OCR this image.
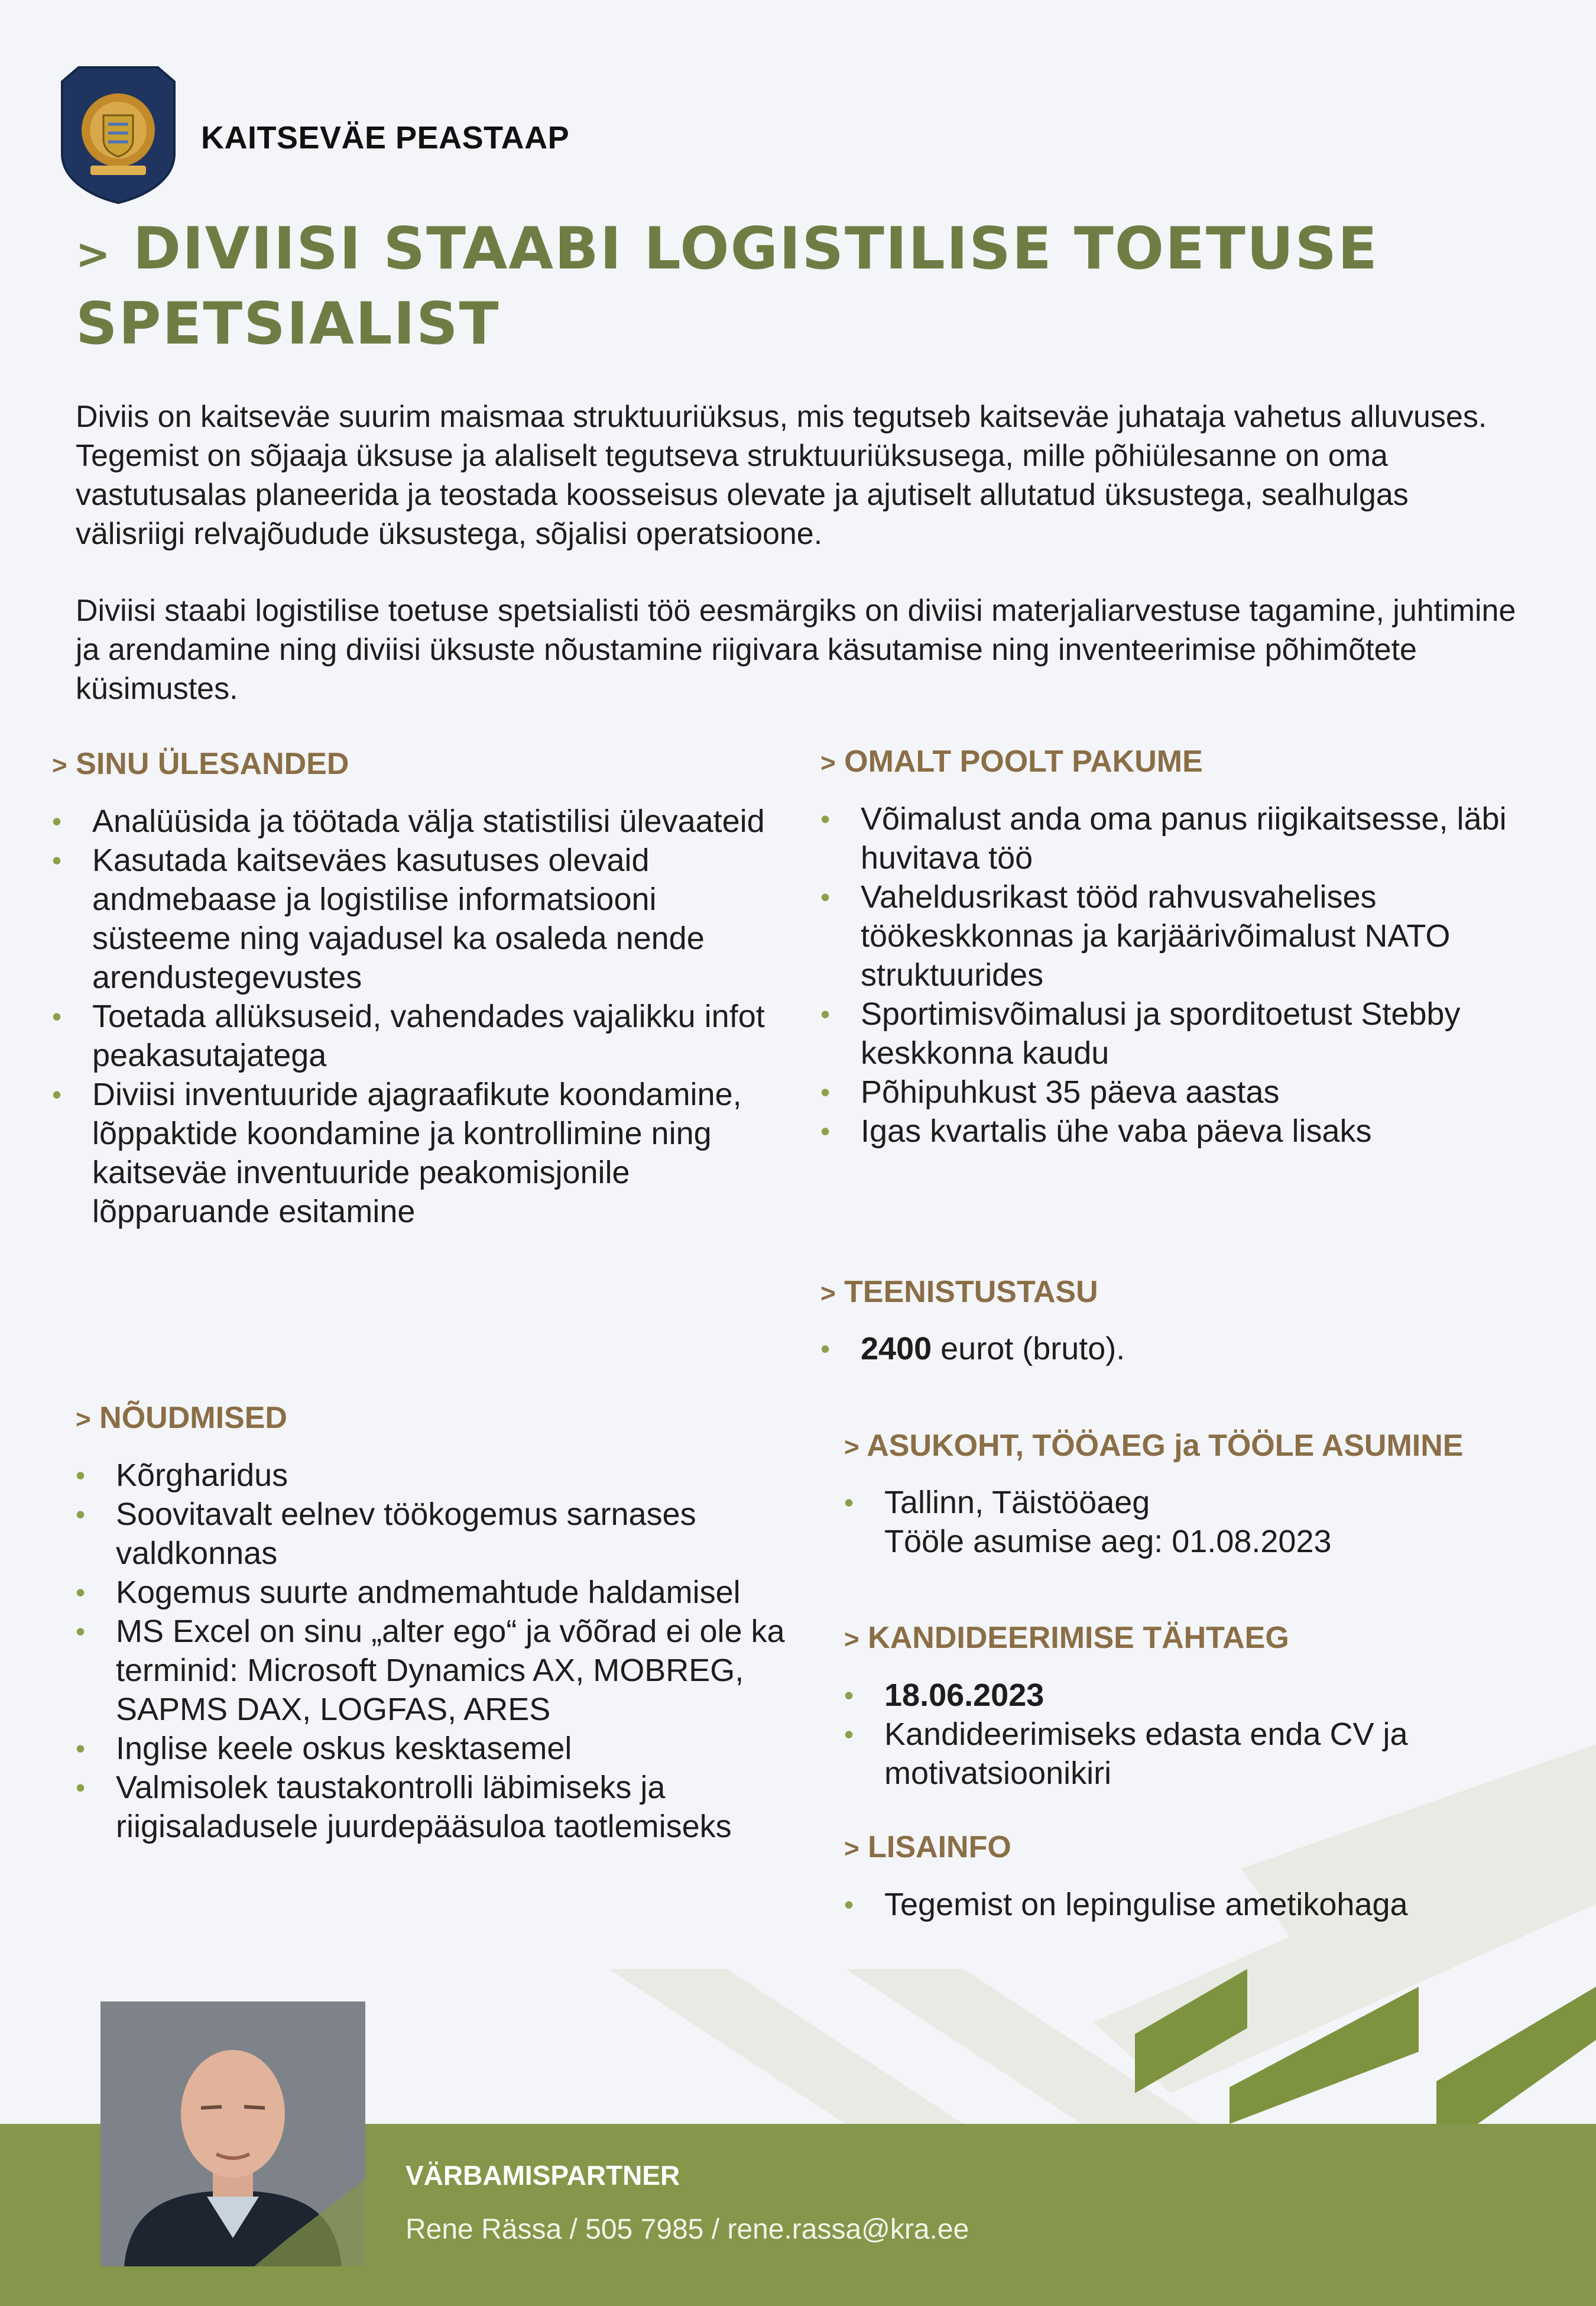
KAITSEVÄE PEASTAAP
> DIVIISI STAABI LOGISTILISE TOETUSE SPETSIALIST

Diviis on kaitseväe suurim maismaa struktuuriüksus, mis tegutseb kaitseväe juhataja vahetus alluvuses. Tegemist on sõjaaja üksuse ja alaliselt tegutseva struktuuriüksusega, mille põhiülesanne on oma vastutusalas planeerida ja teostada koosseisus olevate ja ajutiselt allutatud üksustega, sealhulgas välisriigi relvajõudude üksustega, sõjalisi operatsioone.

Diviisi staabi logistilise toetuse spetsialisti töö eesmärgiks on diviisi materjaliarvestuse tagamine, juhtimine ja arendamine ning diviisi üksuste nõustamine riigivara käsutamise ning inventeerimise põhimõtete küsimustes.

> SINU ÜLESANDED
• Analüüsida ja töötada välja statistilisi ülevaateid
• Kasutada kaitseväes kasutuses olevaid andmebaase ja logistilise informatsiooni süsteeme ning vajadusel ka osaleda nende arendustegevustes
• Toetada allüksuseid, vahendades vajalikku infot peakasutajatega
• Diviisi inventuuride ajagraafikute koondamine, lõppaktide koondamine ja kontrollimine ning kaitseväe inventuuride peakomisjonile lõpparuande esitamine
> NÕUDMISED
• Kõrgharidus
• Soovitavalt eelnev töökogemus sarnases valdkonnas
• Kogemus suurte andmemahtude haldamisel
• MS Excel on sinu „alter ego“ ja võõrad ei ole ka terminid: Microsoft Dynamics AX, MOBREG, SAPMS DAX, LOGFAS, ARES
• Inglise keele oskus kesktasemel
• Valmisolek taustakontrolli läbimiseks ja riigisaladusele juurdepääsuloa taotlemiseks
> OMALT POOLT PAKUME
• Võimalust anda oma panus riigikaitsesse, läbi huvitava töö
• Vaheldusrikast tööd rahvusvahelises töökeskkonnas ja karjäärivõimalust NATO struktuurides
• Sportimisvõimalusi ja sporditoetust Stebby keskkonna kaudu
• Põhipuhkust 35 päeva aastas
• Igas kvartalis ühe vaba päeva lisaks
> TEENISTUSTASU
• 2400 eurot (bruto).
> ASUKOHT, TÖÖAEG ja TÖÖLE ASUMINE
• Tallinn, Täistööaeg
Tööle asumise aeg: 01.08.2023
> KANDIDEERIMISE TÄHTAEG
• 18.06.2023
• Kandideerimiseks edasta enda CV ja motivatsioonikiri
> LISAINFO
• Tegemist on lepingulise ametikohaga
VÄRBAMISPARTNER
Rene Rässa / 505 7985 / rene.rassa@kra.ee
